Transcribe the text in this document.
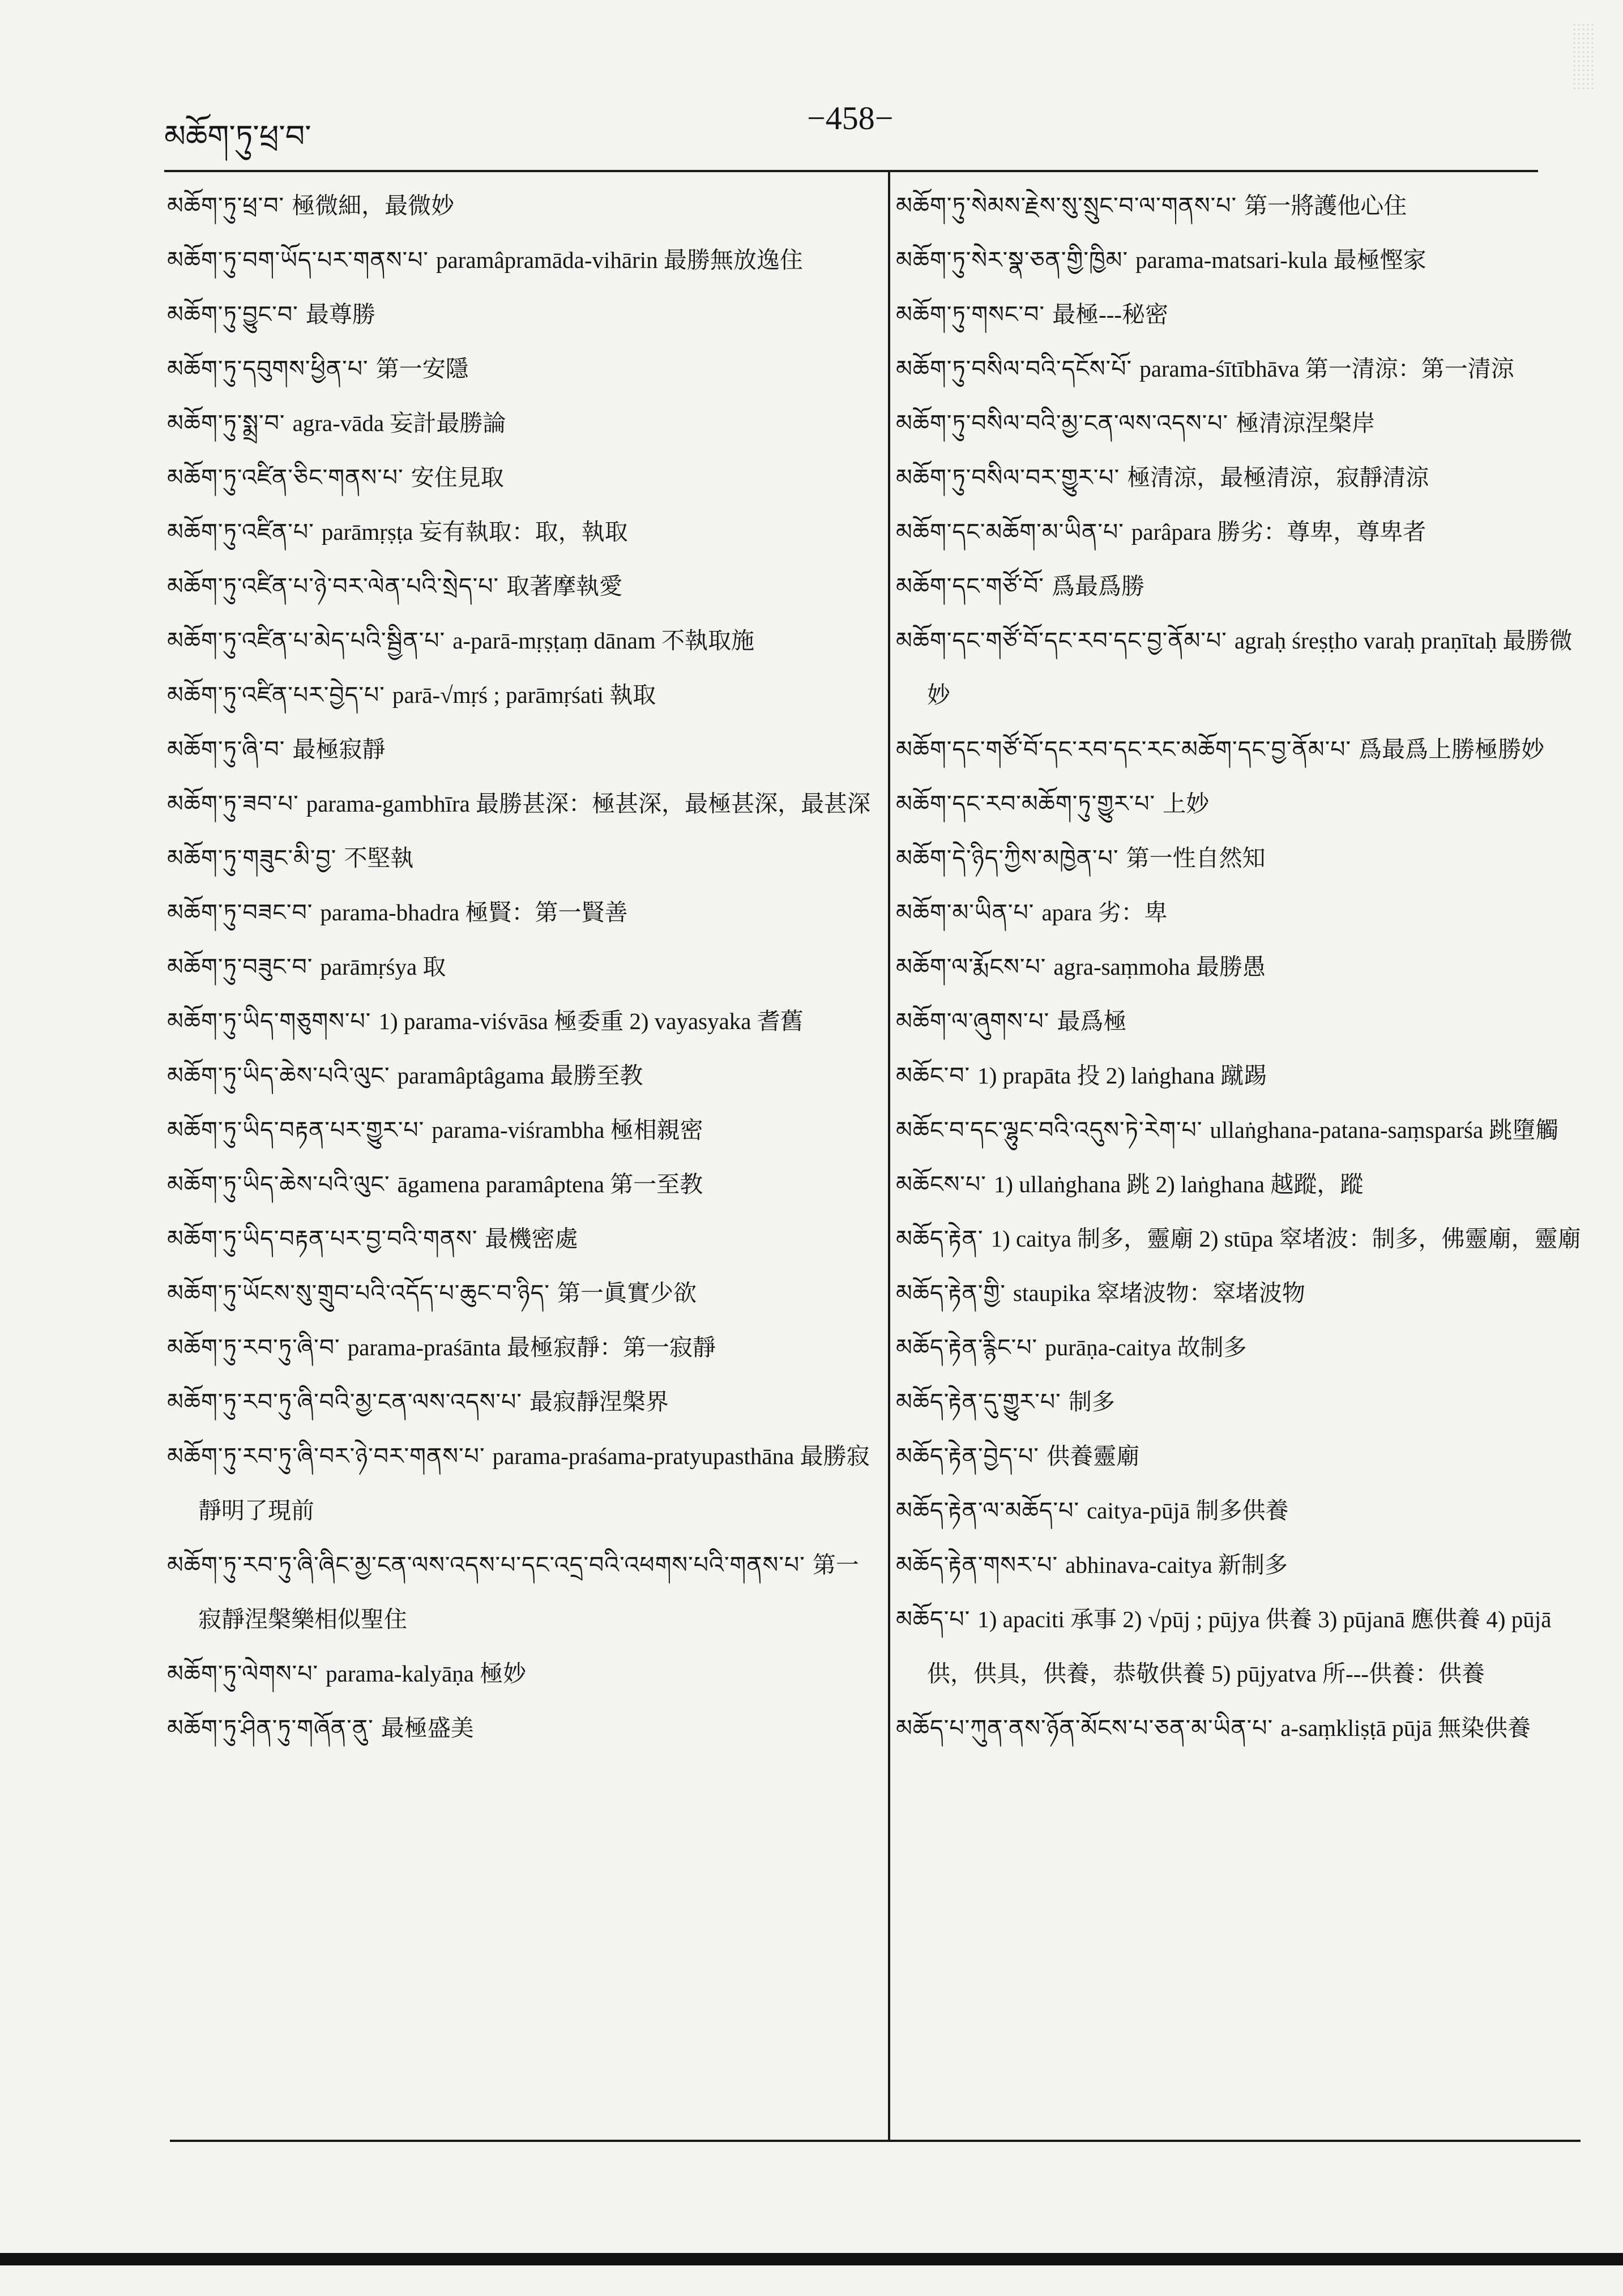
མཆོག་ཏུ་ཕྲ་བ་	−458−
མཆོག་ཏུ་ཕྲ་བ་ 極微細，最微妙
མཆོག་ཏུ་བག་ཡོད་པར་གནས་པ་ paramâpramāda-vihārin 最勝無放逸住
མཆོག་ཏུ་བྱུང་བ་ 最尊勝
མཆོག་ཏུ་དབུགས་ཕྱིན་པ་ 第一安隱
མཆོག་ཏུ་སྨྲ་བ་ agra-vāda 妄計最勝論
མཆོག་ཏུ་འཛིན་ཅིང་གནས་པ་ 安住見取
མཆོག་ཏུ་འཛིན་པ་ parāmṛṣṭa 妄有執取：取，執取
མཆོག་ཏུ་འཛིན་པ་ཉེ་བར་ལེན་པའི་སྲེད་པ་ 取著摩執愛
མཆོག་ཏུ་འཛིན་པ་མེད་པའི་སྦྱིན་པ་ a-parā-mṛṣṭaṃ dānam 不執取施
མཆོག་ཏུ་འཛིན་པར་བྱེད་པ་ parā-√mṛś ; parāmṛśati 執取
མཆོག་ཏུ་ཞི་བ་ 最極寂靜
མཆོག་ཏུ་ཟབ་པ་ parama-gambhīra 最勝甚深：極甚深，最極甚深，最甚深
མཆོག་ཏུ་གཟུང་མི་བྱ་ 不堅執
མཆོག་ཏུ་བཟང་བ་ parama-bhadra 極賢：第一賢善
མཆོག་ཏུ་བཟུང་བ་ parāmṛśya 取
མཆོག་ཏུ་ཡིད་གཅུགས་པ་ 1) parama-viśvāsa 極委重 2) vayasyaka 耆舊
མཆོག་ཏུ་ཡིད་ཆེས་པའི་ལུང་ paramâptâgama 最勝至教
མཆོག་ཏུ་ཡིད་བརྟན་པར་གྱུར་པ་ parama-viśrambha 極相親密
མཆོག་ཏུ་ཡིད་ཆེས་པའི་ལུང་ āgamena paramâptena 第一至教
མཆོག་ཏུ་ཡིད་བརྟན་པར་བྱ་བའི་གནས་ 最機密處
མཆོག་ཏུ་ཡོངས་སུ་གྲུབ་པའི་འདོད་པ་ཆུང་བ་ཉིད་ 第一眞實少欲
མཆོག་ཏུ་རབ་ཏུ་ཞི་བ་ parama-praśānta 最極寂靜：第一寂靜
མཆོག་ཏུ་རབ་ཏུ་ཞི་བའི་མྱ་ངན་ལས་འདས་པ་ 最寂靜涅槃界
མཆོག་ཏུ་རབ་ཏུ་ཞི་བར་ཉེ་བར་གནས་པ་ parama-praśama-pratyupasthāna 最勝寂靜明了現前
མཆོག་ཏུ་རབ་ཏུ་ཞི་ཞིང་མྱ་ངན་ལས་འདས་པ་དང་འདྲ་བའི་འཕགས་པའི་གནས་པ་ 第一寂靜涅槃樂相似聖住
མཆོག་ཏུ་ལེགས་པ་ parama-kalyāṇa 極妙
མཆོག་ཏུ་ཤིན་ཏུ་གཞོན་ནུ་ 最極盛美
མཆོག་ཏུ་སེམས་རྗེས་སུ་སྲུང་བ་ལ་གནས་པ་ 第一將護他心住
མཆོག་ཏུ་སེར་སྣ་ཅན་གྱི་ཁྱིམ་ parama-matsari-kula 最極慳家
མཆོག་ཏུ་གསང་བ་ 最極---秘密
མཆོག་ཏུ་བསིལ་བའི་དངོས་པོ་ parama-śītībhāva 第一清涼：第一清涼
མཆོག་ཏུ་བསིལ་བའི་མྱ་ངན་ལས་འདས་པ་ 極清涼涅槃岸
མཆོག་ཏུ་བསིལ་བར་གྱུར་པ་ 極清涼，最極清涼，寂靜清涼
མཆོག་དང་མཆོག་མ་ཡིན་པ་ parâpara 勝劣：尊卑，尊卑者
མཆོག་དང་གཙོ་བོ་ 爲最爲勝
མཆོག་དང་གཙོ་བོ་དང་རབ་དང་བྱ་ནོམ་པ་ agraḥ śreṣṭho varaḥ praṇītaḥ 最勝微妙
མཆོག་དང་གཙོ་བོ་དང་རབ་དང་རང་མཆོག་དང་བྱ་ནོམ་པ་ 爲最爲上勝極勝妙
མཆོག་དང་རབ་མཆོག་ཏུ་གྱུར་པ་ 上妙
མཆོག་དེ་ཉིད་ཀྱིས་མཁྱེན་པ་ 第一性自然知
མཆོག་མ་ཡིན་པ་ apara 劣：卑
མཆོག་ལ་རྨོངས་པ་ agra-saṃmoha 最勝愚
མཆོག་ལ་ཞུགས་པ་ 最爲極
མཆོང་བ་ 1) prapāta 投 2) laṅghana 蹴踢
མཆོང་བ་དང་ལྷུང་བའི་འདུས་ཏེ་རེག་པ་ ullaṅghana-patana-saṃsparśa 跳墮觸
མཆོངས་པ་ 1) ullaṅghana 跳 2) laṅghana 越蹤，蹤
མཆོད་རྟེན་ 1) caitya 制多，靈廟 2) stūpa 窣堵波：制多，佛靈廟，靈廟
མཆོད་རྟེན་གྱི་ staupika 窣堵波物：窣堵波物
མཆོད་རྟེན་རྙིང་པ་ purāṇa-caitya 故制多
མཆོད་རྟེན་དུ་གྱུར་པ་ 制多
མཆོད་རྟེན་བྱེད་པ་ 供養靈廟
མཆོད་རྟེན་ལ་མཆོད་པ་ caitya-pūjā 制多供養
མཆོད་རྟེན་གསར་པ་ abhinava-caitya 新制多
མཆོད་པ་ 1) apaciti 承事 2) √pūj ; pūjya 供養 3) pūjanā 應供養 4) pūjā 供，供具，供養，恭敬供養 5) pūjyatva 所---供養：供養
མཆོད་པ་ཀུན་ནས་ཉོན་མོངས་པ་ཅན་མ་ཡིན་པ་ a-saṃkliṣṭā pūjā 無染供養
